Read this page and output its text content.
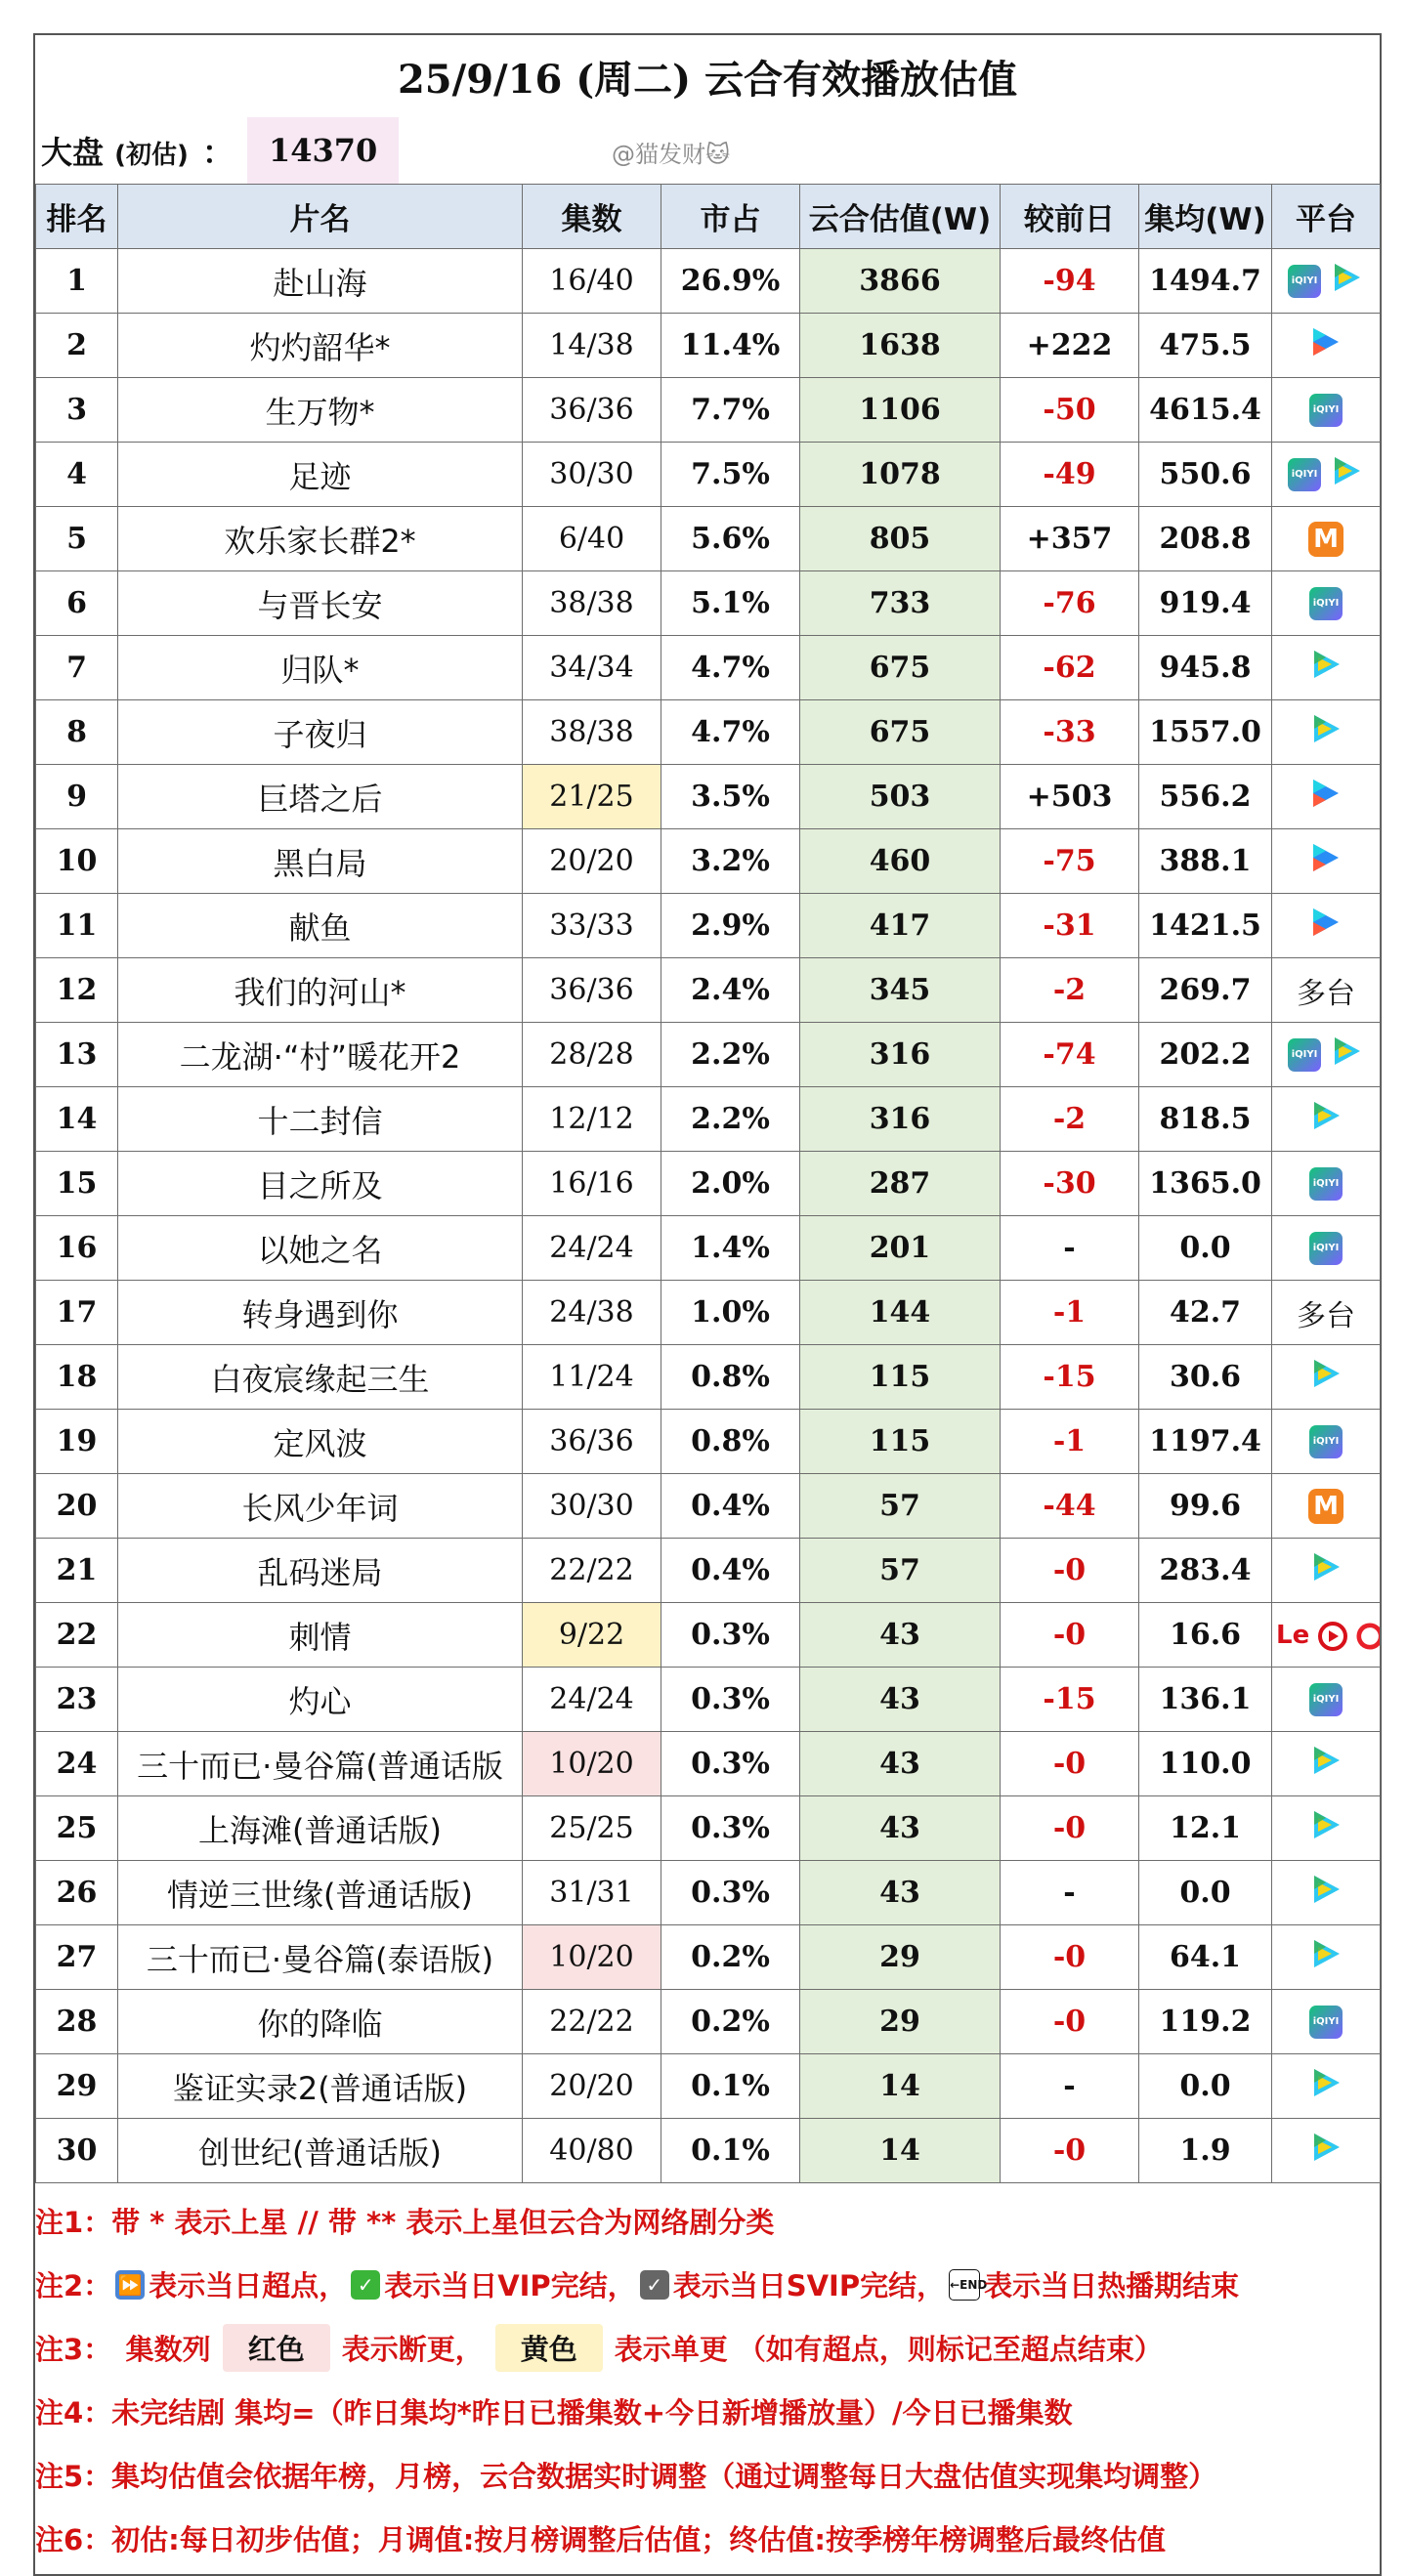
25/9/16 (周二) 云合有效播放估值
大盘 (初估) ：	14370	@猫发财🐱
排名	片名	集数	市占	云合估值(W)	较前日	集均(W)	平台
1	赴山海	16/40	26.9%	3866	-94	1494.7	iQIYI
2	灼灼韶华*	14/38	11.4%	1638	+222	475.5	
3	生万物*	36/36	7.7%	1106	-50	4615.4	iQIYI
4	足迹	30/30	7.5%	1078	-49	550.6	iQIYI
5	欢乐家长群2*	6/40	5.6%	805	+357	208.8	M
6	与晋长安	38/38	5.1%	733	-76	919.4	iQIYI
7	归队*	34/34	4.7%	675	-62	945.8	
8	子夜归	38/38	4.7%	675	-33	1557.0	
9	巨塔之后	21/25	3.5%	503	+503	556.2	
10	黑白局	20/20	3.2%	460	-75	388.1	
11	献鱼	33/33	2.9%	417	-31	1421.5	
12	我们的河山*	36/36	2.4%	345	-2	269.7	多台
13	二龙湖·“村”暖花开2	28/28	2.2%	316	-74	202.2	iQIYI
14	十二封信	12/12	2.2%	316	-2	818.5	
15	目之所及	16/16	2.0%	287	-30	1365.0	iQIYI
16	以她之名	24/24	1.4%	201	-	0.0	iQIYI
17	转身遇到你	24/38	1.0%	144	-1	42.7	多台
18	白夜宸缘起三生	11/24	0.8%	115	-15	30.6	
19	定风波	36/36	0.8%	115	-1	1197.4	iQIYI
20	长风少年词	30/30	0.4%	57	-44	99.6	M
21	乱码迷局	22/22	0.4%	57	-0	283.4	
22	刺情	9/22	0.3%	43	-0	16.6	Le
23	灼心	24/24	0.3%	43	-15	136.1	iQIYI
24	三十而已·曼谷篇(普通话版	10/20	0.3%	43	-0	110.0	
25	上海滩(普通话版)	25/25	0.3%	43	-0	12.1	
26	情逆三世缘(普通话版)	31/31	0.3%	43	-	0.0	
27	三十而已·曼谷篇(泰语版)	10/20	0.2%	29	-0	64.1	
28	你的降临	22/22	0.2%	29	-0	119.2	iQIYI
29	鉴证实录2(普通话版)	20/20	0.1%	14	-	0.0	
30	创世纪(普通话版)	40/80	0.1%	14	-0	1.9	
注1：带 * 表示上星 // 带 ** 表示上星但云合为网络剧分类
注2： ⏩ 表示当日超点， ✓ 表示当日VIP完结， ✓ 表示当日SVIP完结， ←END
表示当日热播期结束
注3：　集数列	红色	表示断更，	黄色	表示单更 （如有超点，则标记至超点结束）
注4：未完结剧 集均=（昨日集均*昨日已播集数+今日新增播放量）/今日已播集数
注5：集均估值会依据年榜，月榜，云合数据实时调整（通过调整每日大盘估值实现集均调整）
注6：初估:每日初步估值；月调值:按月榜调整后估值；终估值:按季榜年榜调整后最终估值
